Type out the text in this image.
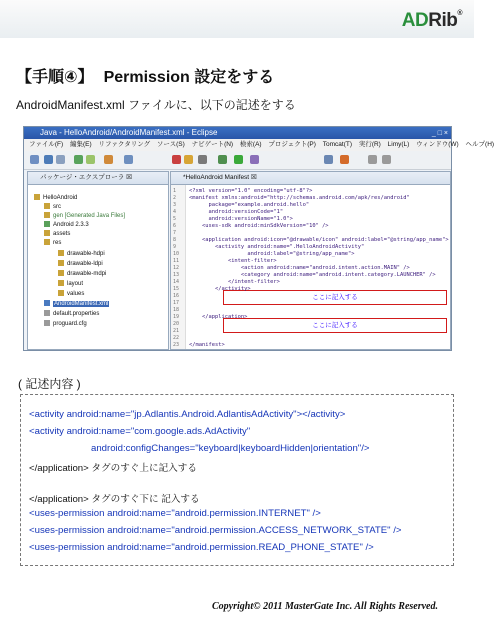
ADRib®
【手順④】 Permission 設定をする
AndroidManifest.xml ファイルに、以下の記述をする
Java - HelloAndroid/AndroidManifest.xml - Eclipse	_ □ ×
ファイル(F) 編集(E) リファクタリング ソース(S) ナビゲート(N) 検索(A) プロジェクト(P) Tomcat(T) 実行(R) Limy(L) ウィンドウ(W) ヘルプ(H)
パッケージ・エクスプローラ ☒
HelloAndroid
src
gen [Generated Java Files]
Android 2.3.3
assets
res
drawable-hdpi
drawable-ldpi
drawable-mdpi
layout
values
AndroidManifest.xml
default.properties
proguard.cfg
*HelloAndroid Manifest ☒
ここに記入する
ここに記入する
1
2
3
4
5
6
7
8
9
10
11
12
13
14
15
16
17
18
19
20
21
22
23
<?xml version="1.0" encoding="utf-8"?>
<manifest xmlns:android="http://schemas.android.com/apk/res/android"
package="example.android.hello"
android:versionCode="1"
android:versionName="1.0">
<uses-sdk android:minSdkVersion="10" />
<application android:icon="@drawable/icon" android:label="@string/app_name">
<activity android:name=".HelloAndroidActivity"
android:label="@string/app_name">
<intent-filter>
<action android:name="android.intent.action.MAIN" />
<category android:name="android.intent.category.LAUNCHER" />
</intent-filter>
</activity>
</application>
</manifest>
( 記述内容 )
<activity android:name="jp.Adlantis.Android.AdlantisAdActivity"></activity>
<activity android:name="com.google.ads.AdActivity"
android:configChanges="keyboard|keyboardHidden|orientation"/>
</application> タグのすぐ上に記入する
</application> タグのすぐ下に 記入する
<uses-permission android:name="android.permission.INTERNET" />
<uses-permission android:name="android.permission.ACCESS_NETWORK_STATE" />
<uses-permission android:name="android.permission.READ_PHONE_STATE" />
Copyright© 2011 MasterGate Inc. All Rights Reserved.
